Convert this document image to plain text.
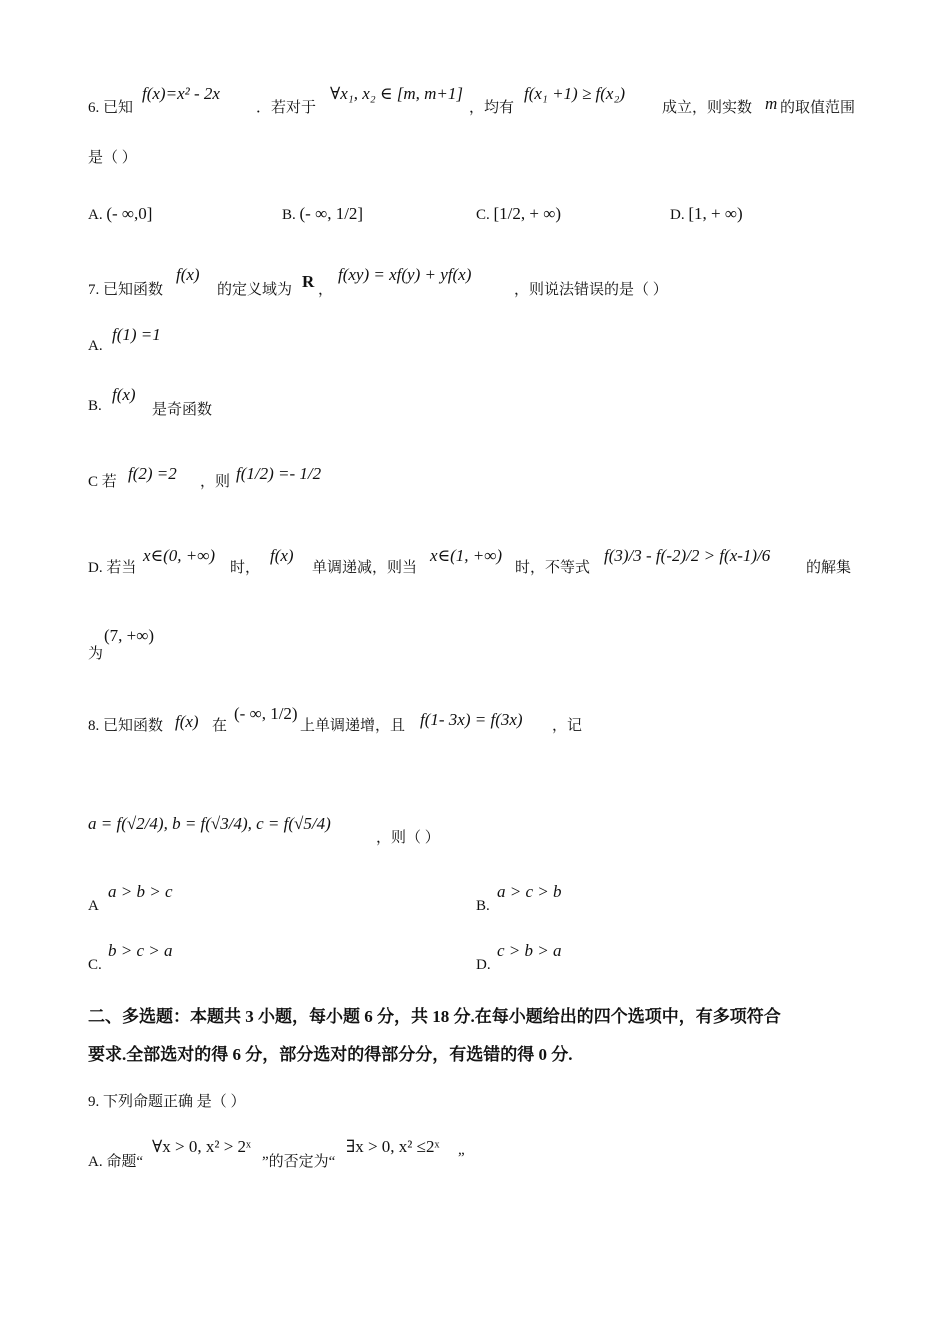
6. 已知
f(x)=x² - 2x
．若对于
∀x₁, x₂ ∈ [m, m+1]
，均有
f(x₁ +1) ≥ f(x₂)
成立，则实数 m 的取值范围
是（ ）
A. (- ∞,0]	B. (- ∞, 1/2]	C. [1/2, + ∞)	D. [1, + ∞)
7. 已知函数
f(x)
的定义域为 R ，
f(xy) = xf(y) + yf(x)
，则说法错误的是（ ）
A.
f(1) =1
B.
f(x)
是奇函数
C 若 f(2) =2 ，则 f(1/2) =- 1/2
D. 若当
x∈(0, +∞)
时，
f(x)
单调递减，则当
x∈(1, +∞)
时，不等式
f(3)/3 - f(-2)/2 > f(x-1)/6
的解集
为
(7, +∞)
8. 已知函数 f(x) 在
(- ∞, 1/2)
上单调递增，且 f(1- 3x) = f(3x) ，记
a = f(√2/4), b = f(√3/4), c = f(√5/4)
，则（ ）
A
a > b > c
B.
a > c > b
C.
b > c > a
D.
c > b > a
二、多选题：本题共 3 小题，每小题 6 分，共 18 分.在每小题给出的四个选项中，有多项符合
要求.全部选对的得 6 分，部分选对的得部分分，有选错的得 0 分.
9. 下列命题正确 是（ ）
A. 命题“
∀x > 0, x² > 2ˣ
”的否定为“
∃x > 0, x² ≤2ˣ
”
